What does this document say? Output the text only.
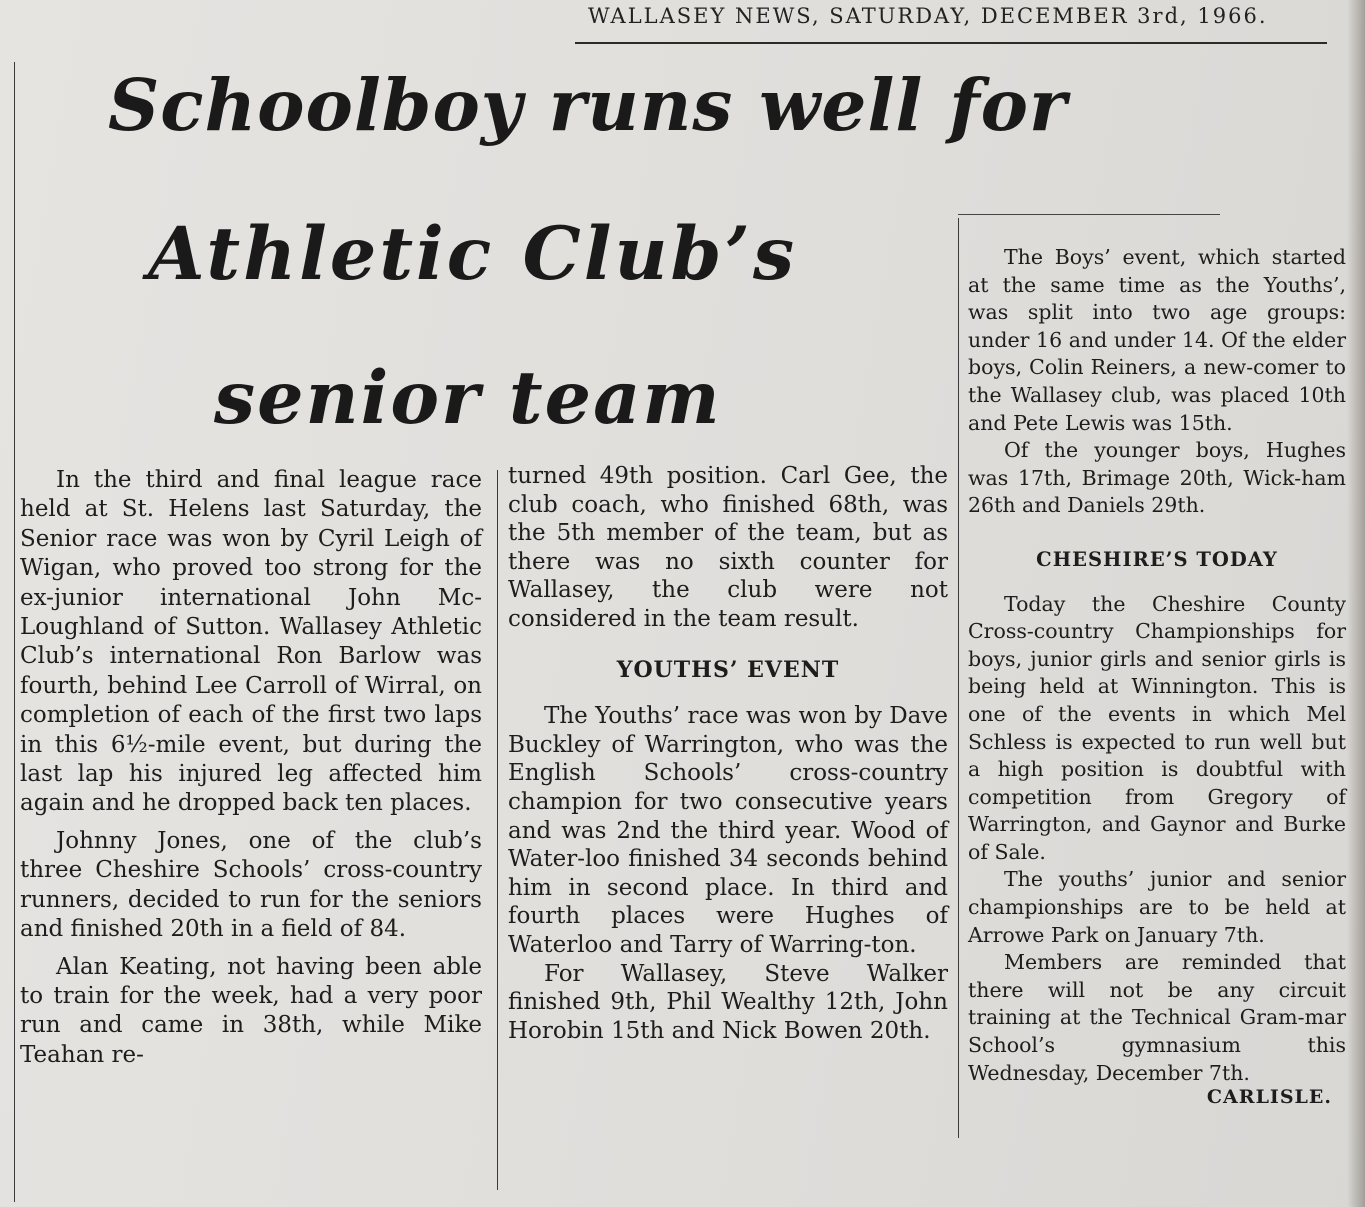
WALLASEY NEWS, SATURDAY, DECEMBER 3rd, 1966.
Schoolboy runs well for
Athletic Club’s
senior team

In the third and final league race held at St. Helens last Saturday, the Senior race was won by Cyril Leigh of Wigan, who proved too strong for the ex-junior international John Mc-Loughland of Sutton. Wallasey Athletic Club’s international Ron Barlow was fourth, behind Lee Carroll of Wirral, on completion of each of the first two laps in this 6½-mile event, but during the last lap his injured leg affected him again and he dropped back ten places.

Johnny Jones, one of the club’s three Cheshire Schools’ cross-country runners, decided to run for the seniors and finished 20th in a field of 84.

Alan Keating, not having been able to train for the week, had a very poor run and came in 38th, while Mike Teahan re-

turned 49th position. Carl Gee, the club coach, who finished 68th, was the 5th member of the team, but as there was no sixth counter for Wallasey, the club were not considered in the team result.

YOUTHS’ EVENT

The Youths’ race was won by Dave Buckley of Warrington, who was the English Schools’ cross-country champion for two consecutive years and was 2nd the third year. Wood of Water-loo finished 34 seconds behind him in second place. In third and fourth places were Hughes of Waterloo and Tarry of Warring-ton.

For Wallasey, Steve Walker finished 9th, Phil Wealthy 12th, John Horobin 15th and Nick Bowen 20th.

The Boys’ event, which started at the same time as the Youths’, was split into two age groups: under 16 and under 14. Of the elder boys, Colin Reiners, a new-comer to the Wallasey club, was placed 10th and Pete Lewis was 15th.

Of the younger boys, Hughes was 17th, Brimage 20th, Wick-ham 26th and Daniels 29th.

CHESHIRE’S TODAY

Today the Cheshire County Cross-country Championships for boys, junior girls and senior girls is being held at Winnington. This is one of the events in which Mel Schless is expected to run well but a high position is doubtful with competition from Gregory of Warrington, and Gaynor and Burke of Sale.

The youths’ junior and senior championships are to be held at Arrowe Park on January 7th.

Members are reminded that there will not be any circuit training at the Technical Gram-mar School’s gymnasium this Wednesday, December 7th.

CARLISLE.
